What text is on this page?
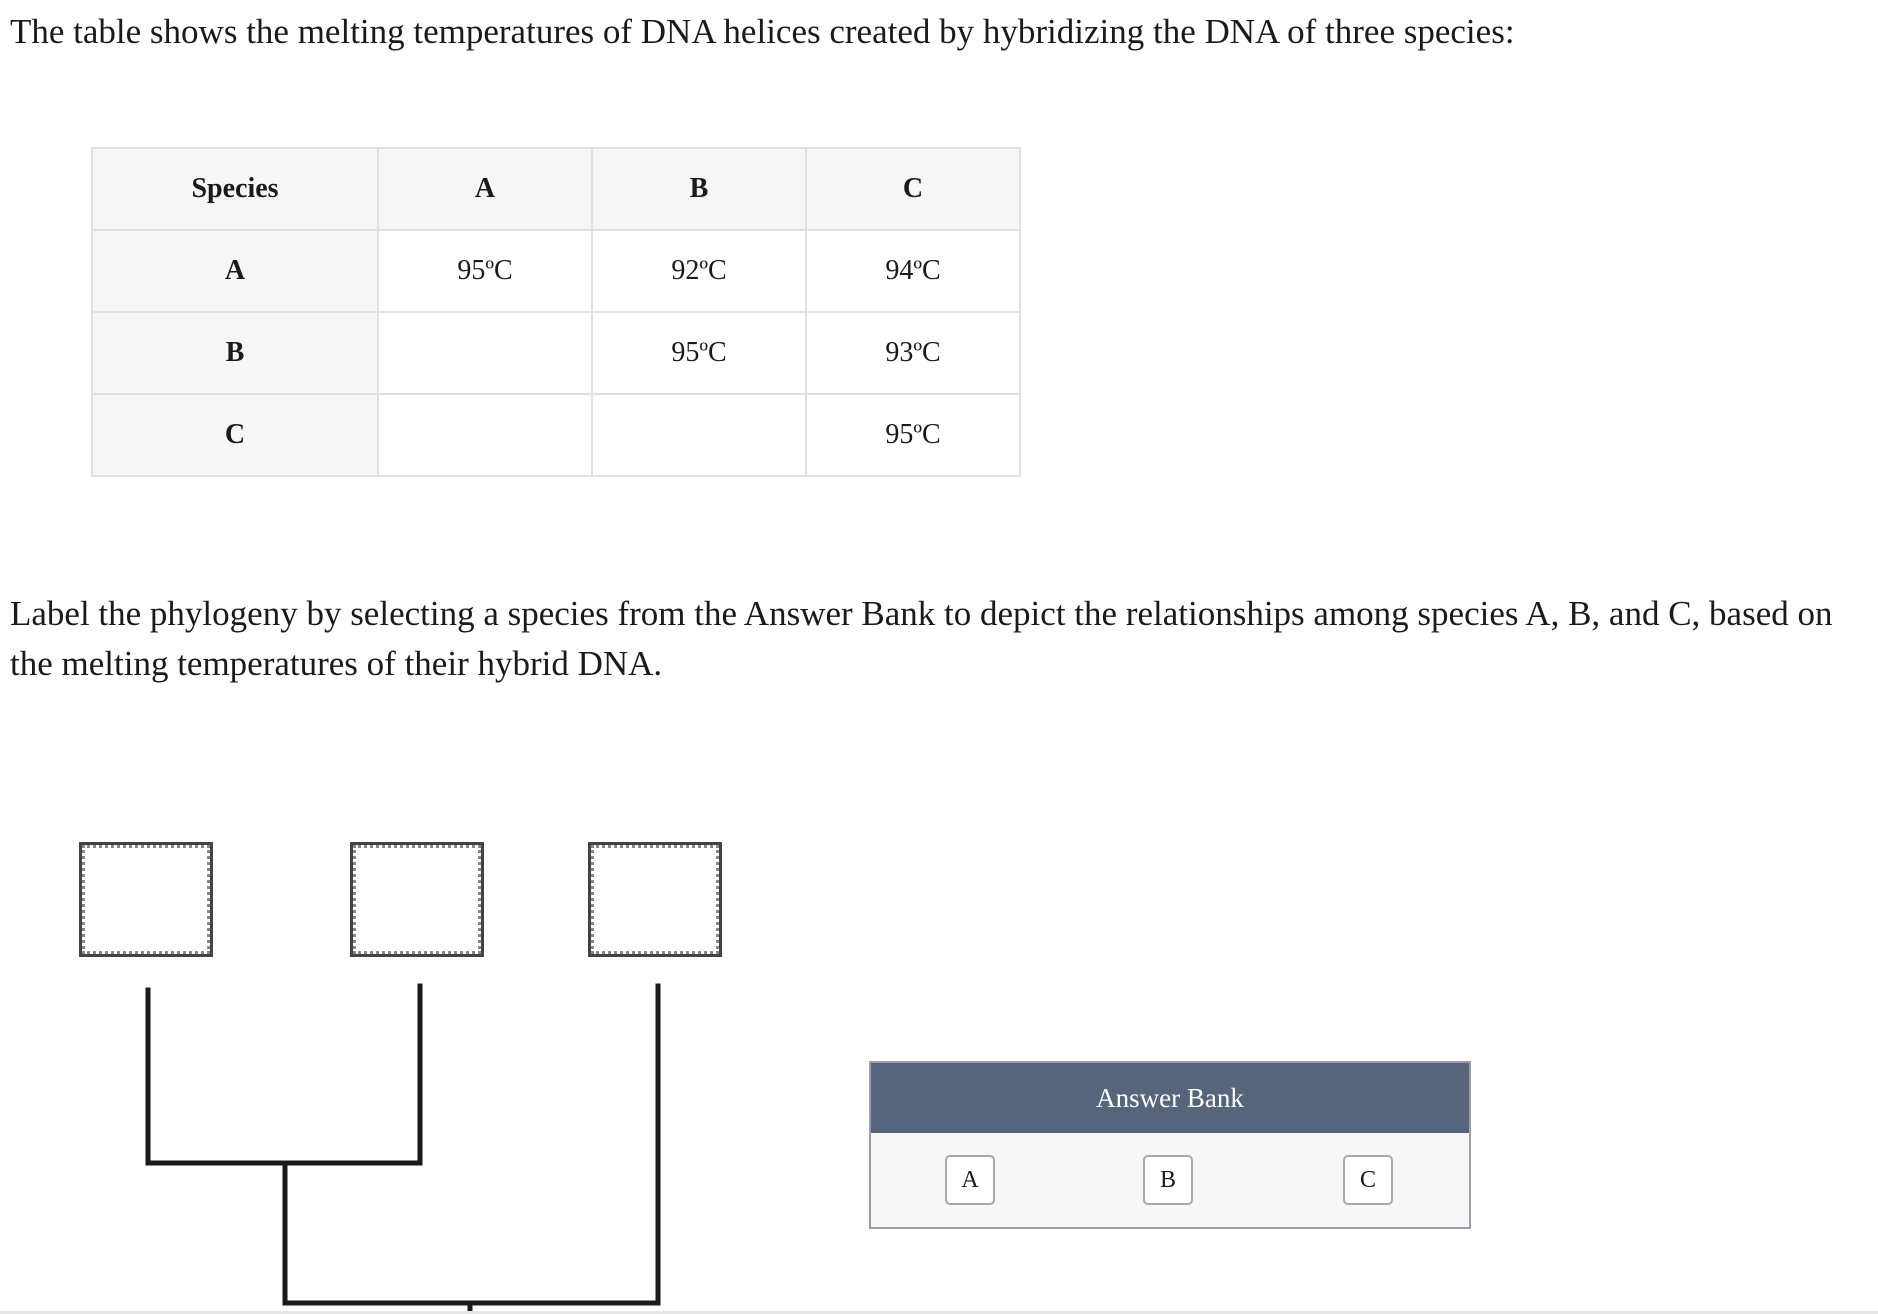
The table shows the melting temperatures of DNA helices created by hybridizing the DNA of three species:

Species	A	B	C
A	95ºC	92ºC	94ºC
B		95ºC	93ºC
C			95ºC

Label the phylogeny by selecting a species from the Answer Bank to depict the relationships among species A, B, and C, based on the melting temperatures of their hybrid DNA.

Answer Bank
A	B	C
